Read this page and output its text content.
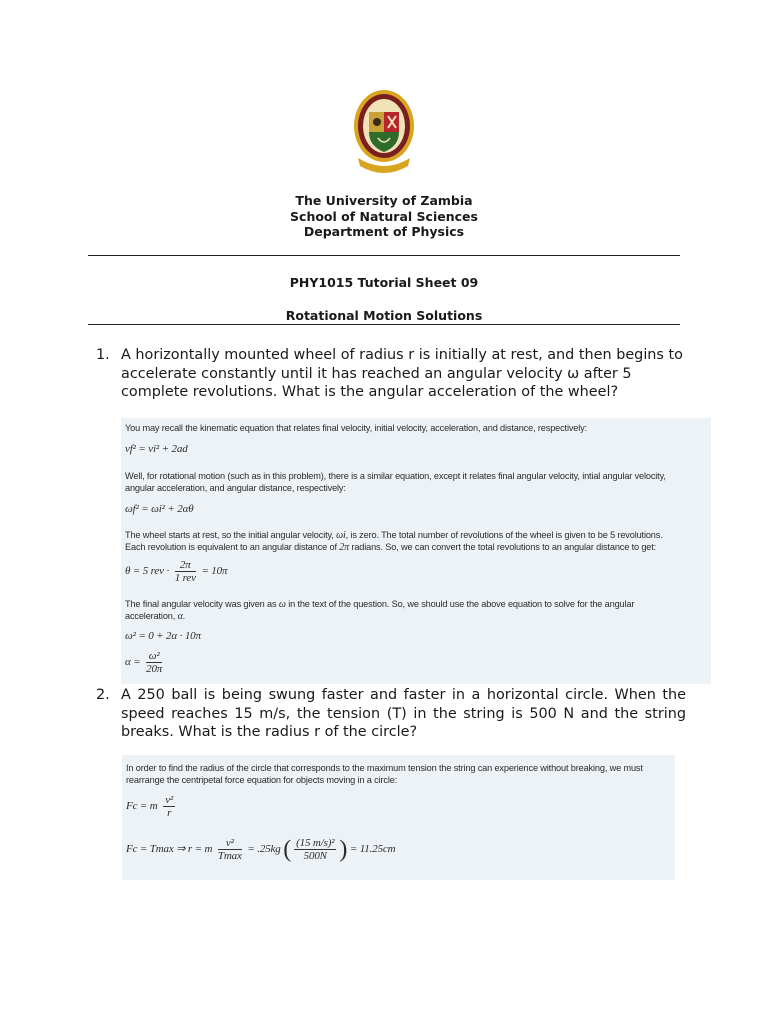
The University of Zambia
School of Natural Sciences
Department of Physics
PHY1015 Tutorial Sheet 09
Rotational Motion Solutions
1. A horizontally mounted wheel of radius r is initially at rest, and then begins to accelerate constantly until it has reached an angular velocity ω after 5 complete revolutions. What is the angular acceleration of the wheel?
You may recall the kinematic equation that relates final velocity, initial velocity, acceleration, and distance, respectively:
vf² = vi² + 2ad
Well, for rotational motion (such as in this problem), there is a similar equation, except it relates final angular velocity, intial angular velocity,
angular acceleration, and angular distance, respectively:
ωf² = ωi² + 2αθ
The wheel starts at rest, so the initial angular velocity, ωi, is zero. The total number of revolutions of the wheel is given to be 5 revolutions.
Each revolution is equivalent to an angular distance of 2π radians. So, we can convert the total revolutions to an angular distance to get:
θ = 5 rev · $\frac{2\pi}{\text{1 rev}} = 10\pi$
The final angular velocity was given as ω in the text of the question. So, we should use the above equation to solve for the angular
acceleration, α.
ω² = 0 + 2α · 10π
$\alpha = \frac{\text{ω²}}{20\pi}$
2. A 250 ball is being swung faster and faster in a horizontal circle. When the speed reaches 15 m/s, the tension (T) in the string is 500 N and the string breaks. What is the radius r of the circle?
In order to find the radius of the circle that corresponds to the maximum tension the string can experience without breaking, we must
rearrange the centripetal force equation for objects moving in a circle:
Fc = m $\frac{\text{v²}}{r}$
Fc = Tmax ⇒ r = m $\frac{\text{v²}}{Tmax} = .25kg$ ( $\frac{\text{(15 m/s)²}}{500N}$ ) = 11.25cm
